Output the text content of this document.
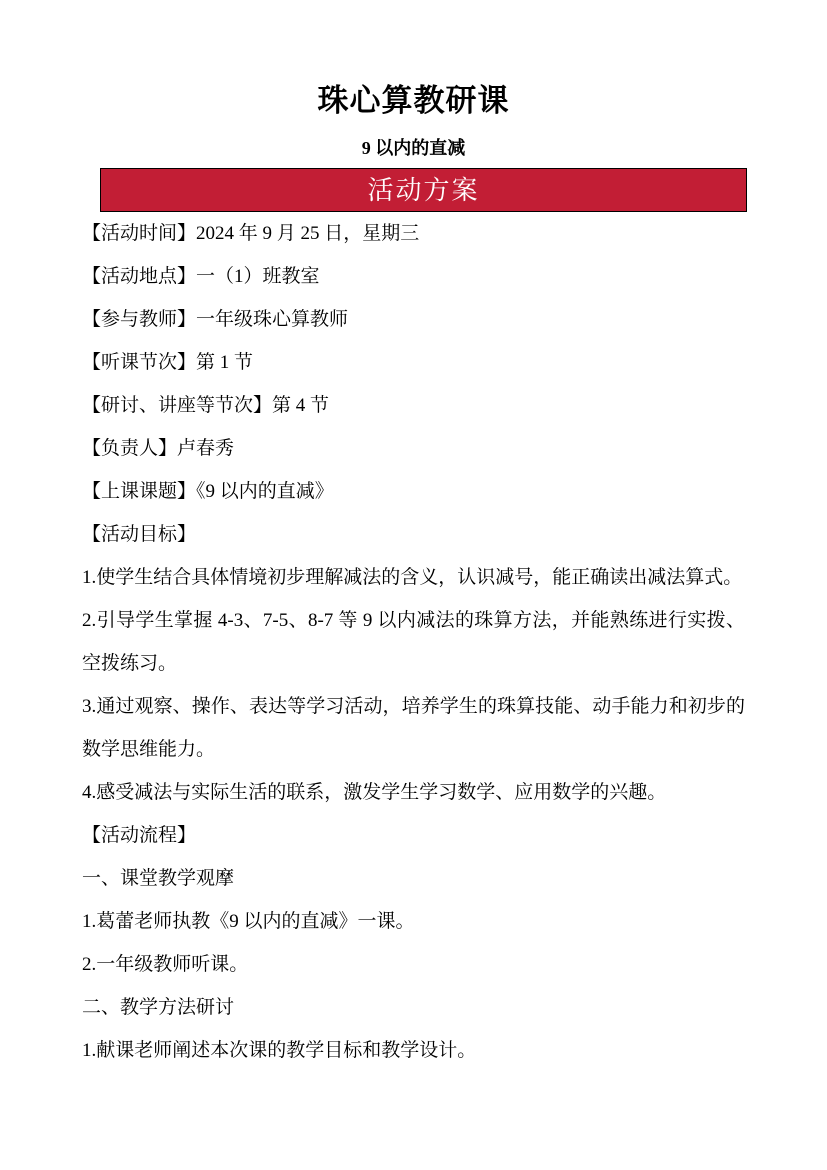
珠心算教研课
9 以内的直减
活动方案

【活动时间】2024 年 9 月 25 日，星期三

【活动地点】一（1）班教室

【参与教师】一年级珠心算教师

【听课节次】第 1 节

【研讨、讲座等节次】第 4 节

【负责人】卢春秀

【上课课题】《9 以内的直减》

【活动目标】

1.使学生结合具体情境初步理解减法的含义，认识减号，能正确读出减法算式。

2.引导学生掌握 4-3、7-5、8-7 等 9 以内减法的珠算方法，并能熟练进行实拨、空拨练习。

3.通过观察、操作、表达等学习活动，培养学生的珠算技能、动手能力和初步的数学思维能力。

4.感受减法与实际生活的联系，激发学生学习数学、应用数学的兴趣。

【活动流程】

一、课堂教学观摩

1.葛蕾老师执教《9 以内的直减》一课。

2.一年级教师听课。

二、教学方法研讨

1.献课老师阐述本次课的教学目标和教学设计。
